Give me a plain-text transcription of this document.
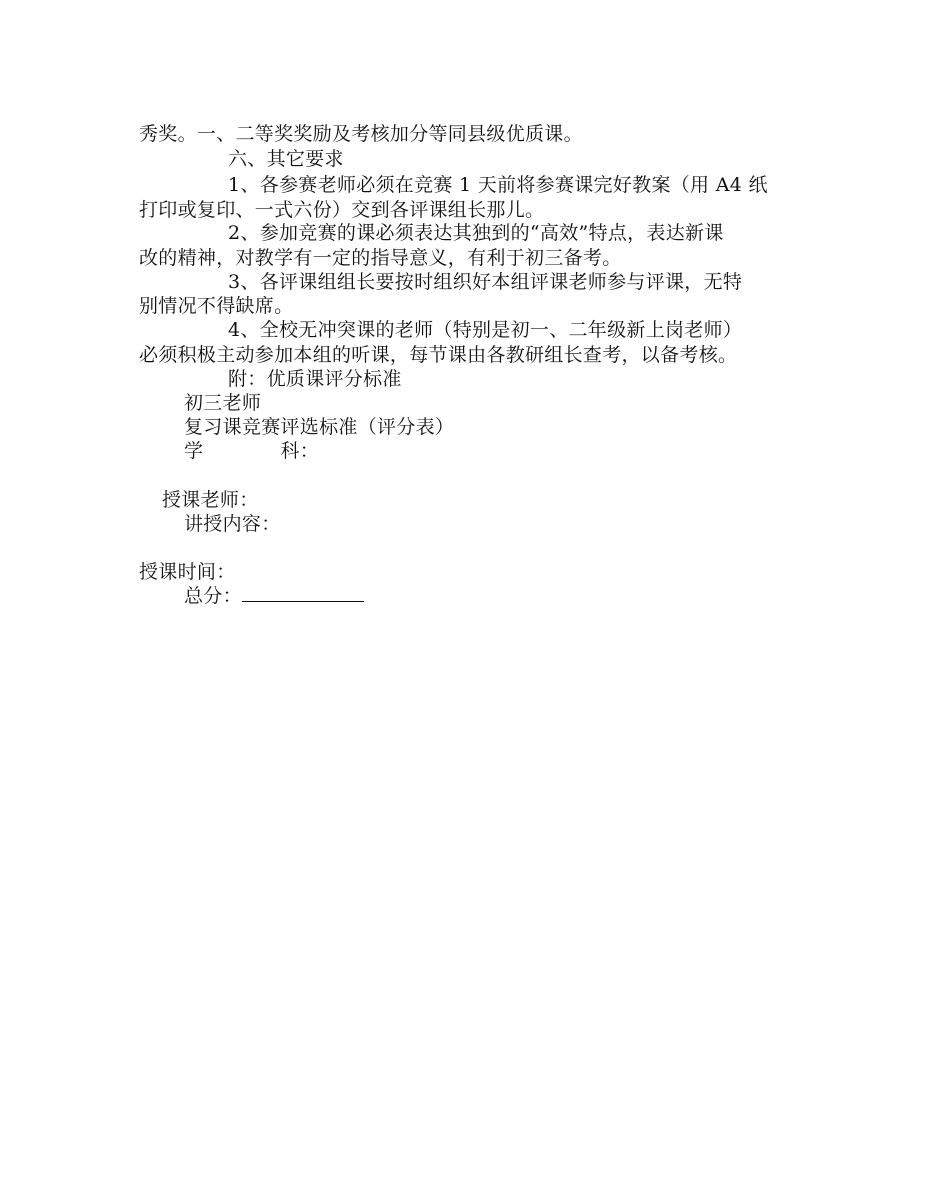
秀奖。一、二等奖奖励及考核加分等同县级优质课。
六、其它要求
1、各参赛老师必须在竞赛 1 天前将参赛课完好教案（用 A4 纸
打印或复印、一式六份）交到各评课组长那儿。
2、参加竞赛的课必须表达其独到的“高效”特点，表达新课
改的精神，对教学有一定的指导意义，有利于初三备考。
3、各评课组组长要按时组织好本组评课老师参与评课，无特
别情况不得缺席。
4、全校无冲突课的老师（特别是初一、二年级新上岗老师）
必须积极主动参加本组的听课，每节课由各教研组长查考，以备考核。
附：优质课评分标准
初三老师
复习课竞赛评选标准（评分表）
学　　　　科：
授课老师：
讲授内容：
授课时间：
总分：
